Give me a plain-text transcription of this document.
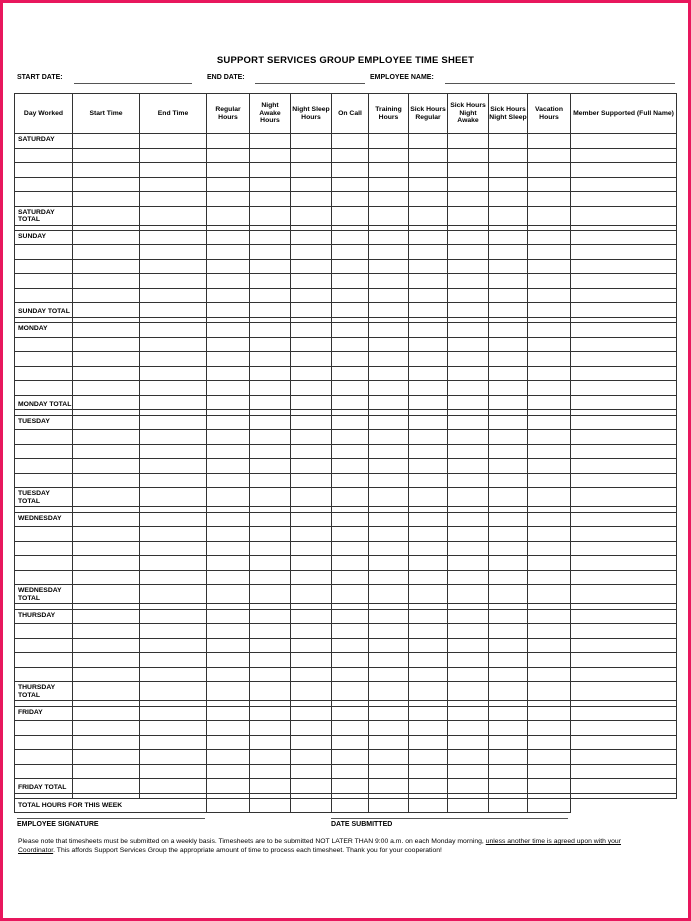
SUPPORT SERVICES GROUP EMPLOYEE TIME SHEET
START DATE:	END DATE:	EMPLOYEE NAME:
Day Worked	Start Time	End Time	Regular Hours	Night Awake Hours	Night Sleep Hours	On Call	Training Hours	Sick Hours Regular	Sick Hours Night Awake	Sick Hours Night Sleep	Vacation Hours	Member Supported (Full Name)
SATURDAY												

SATURDAY TOTAL												

SUNDAY												

SUNDAY TOTAL												

MONDAY												

MONDAY TOTAL												

TUESDAY												

TUESDAY TOTAL												

WEDNESDAY												

WEDNESDAY TOTAL												

THURSDAY												

THURSDAY TOTAL												

FRIDAY												

FRIDAY TOTAL												

TOTAL HOURS FOR THIS WEEK												
EMPLOYEE SIGNATURE	DATE SUBMITTED
Please note that timesheets must be submitted on a weekly basis. Timesheets are to be submitted NOT LATER THAN 9:00 a.m. on each Monday morning, unless another time is agreed upon with your Coordinator. This affords Support Services Group the appropriate amount of time to process each timesheet. Thank you for your cooperation!
